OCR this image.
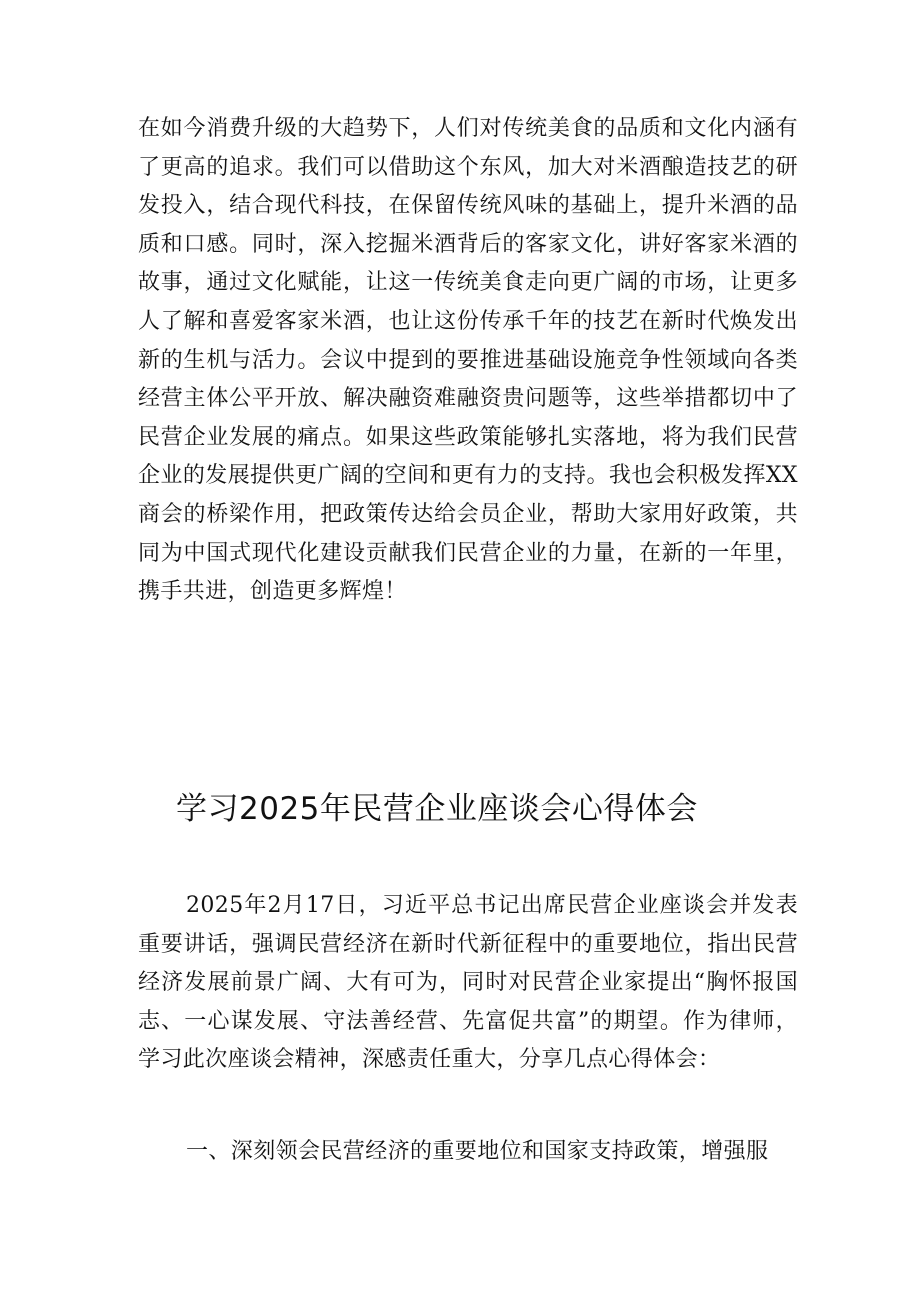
在如今消费升级的大趋势下，人们对传统美食的品质和文化内涵有了更高的追求。我们可以借助这个东风，加大对米酒酿造技艺的研发投入，结合现代科技，在保留传统风味的基础上，提升米酒的品质和口感。同时，深入挖掘米酒背后的客家文化，讲好客家米酒的故事，通过文化赋能，让这一传统美食走向更广阔的市场，让更多人了解和喜爱客家米酒，也让这份传承千年的技艺在新时代焕发出新的生机与活力。会议中提到的要推进基础设施竞争性领域向各类经营主体公平开放、解决融资难融资贵问题等，这些举措都切中了民营企业发展的痛点。如果这些政策能够扎实落地，将为我们民营企业的发展提供更广阔的空间和更有力的支持。我也会积极发挥XX商会的桥梁作用，把政策传达给会员企业，帮助大家用好政策，共同为中国式现代化建设贡献我们民营企业的力量，在新的一年里，携手共进，创造更多辉煌！

学习2025年民营企业座谈会心得体会

2025年2月17日，习近平总书记出席民营企业座谈会并发表重要讲话，强调民营经济在新时代新征程中的重要地位，指出民营经济发展前景广阔、大有可为，同时对民营企业家提出“胸怀报国志、一心谋发展、守法善经营、先富促共富”的期望。作为律师，学习此次座谈会精神，深感责任重大，分享几点心得体会：

一、深刻领会民营经济的重要地位和国家支持政策，增强服
